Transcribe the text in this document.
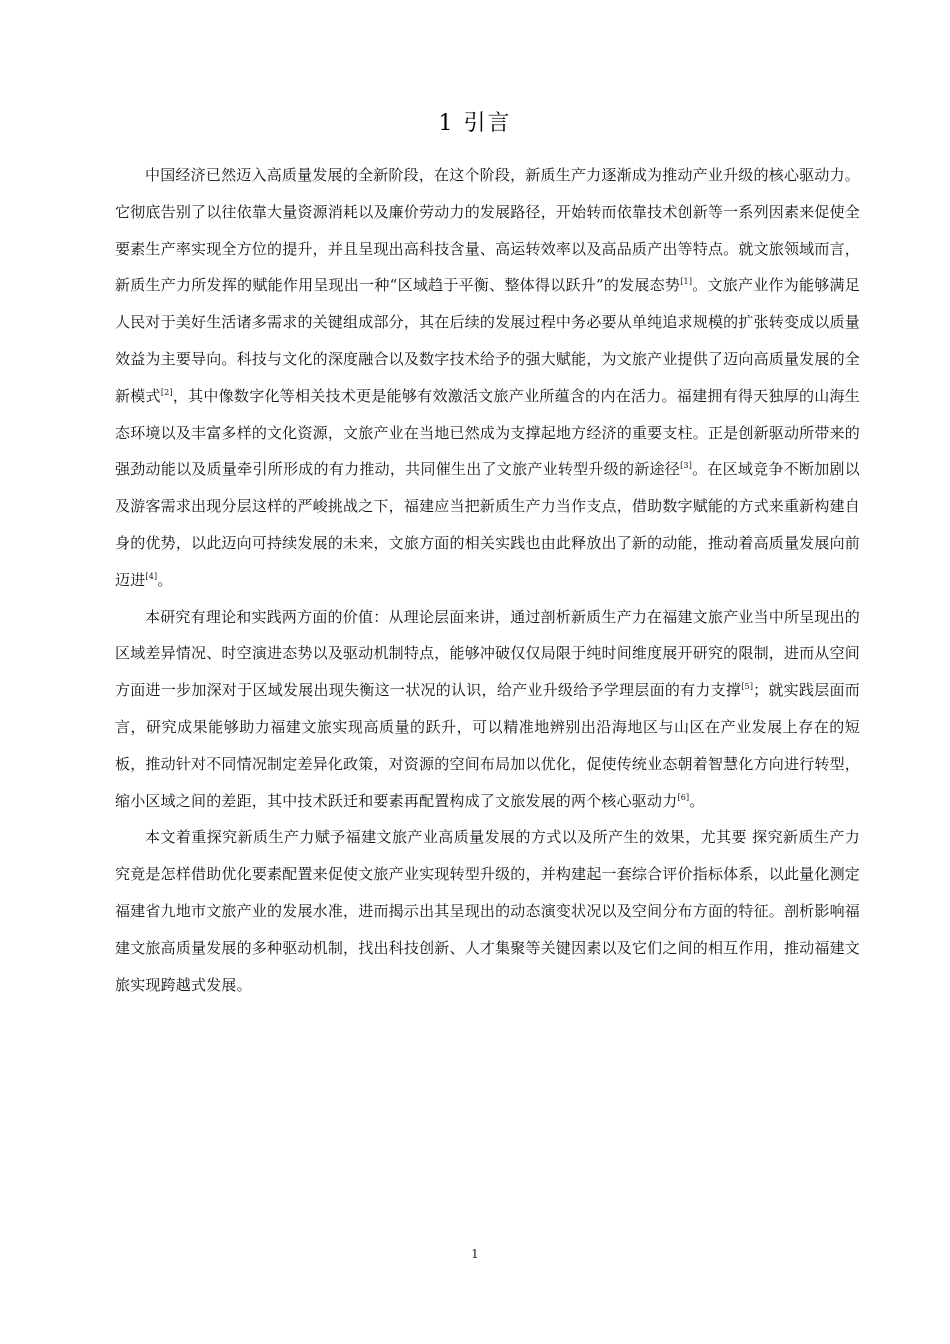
1 引言

中国经济已然迈入高质量发展的全新阶段，在这个阶段，新质生产力逐渐成为推动产业升级的核心驱动力。它彻底告别了以往依靠大量资源消耗以及廉价劳动力的发展路径，开始转而依靠技术创新等一系列因素来促使全要素生产率实现全方位的提升，并且呈现出高科技含量、高运转效率以及高品质产出等特点。就文旅领域而言，新质生产力所发挥的赋能作用呈现出一种“区域趋于平衡、整体得以跃升”的发展态势[1]。文旅产业作为能够满足人民对于美好生活诸多需求的关键组成部分，其在后续的发展过程中务必要从单纯追求规模的扩张转变成以质量效益为主要导向。科技与文化的深度融合以及数字技术给予的强大赋能，为文旅产业提供了迈向高质量发展的全新模式[2]，其中像数字化等相关技术更是能够有效激活文旅产业所蕴含的内在活力。福建拥有得天独厚的山海生态环境以及丰富多样的文化资源，文旅产业在当地已然成为支撑起地方经济的重要支柱。正是创新驱动所带来的强劲动能以及质量牵引所形成的有力推动，共同催生出了文旅产业转型升级的新途径[3]。在区域竞争不断加剧以及游客需求出现分层这样的严峻挑战之下，福建应当把新质生产力当作支点，借助数字赋能的方式来重新构建自身的优势，以此迈向可持续发展的未来，文旅方面的相关实践也由此释放出了新的动能，推动着高质量发展向前迈进[4]。

本研究有理论和实践两方面的价值：从理论层面来讲，通过剖析新质生产力在福建文旅产业当中所呈现出的区域差异情况、时空演进态势以及驱动机制特点，能够冲破仅仅局限于纯时间维度展开研究的限制，进而从空间方面进一步加深对于区域发展出现失衡这一状况的认识，给产业升级给予学理层面的有力支撑[5]；就实践层面而言，研究成果能够助力福建文旅实现高质量的跃升，可以精准地辨别出沿海地区与山区在产业发展上存在的短板，推动针对不同情况制定差异化政策，对资源的空间布局加以优化，促使传统业态朝着智慧化方向进行转型，缩小区域之间的差距，其中技术跃迁和要素再配置构成了文旅发展的两个核心驱动力[6]。

本文着重探究新质生产力赋予福建文旅产业高质量发展的方式以及所产生的效果，尤其要 探究新质生产力究竟是怎样借助优化要素配置来促使文旅产业实现转型升级的，并构建起一套综合评价指标体系，以此量化测定福建省九地市文旅产业的发展水准，进而揭示出其呈现出的动态演变状况以及空间分布方面的特征。剖析影响福建文旅高质量发展的多种驱动机制，找出科技创新、人才集聚等关键因素以及它们之间的相互作用，推动福建文旅实现跨越式发展。

1
